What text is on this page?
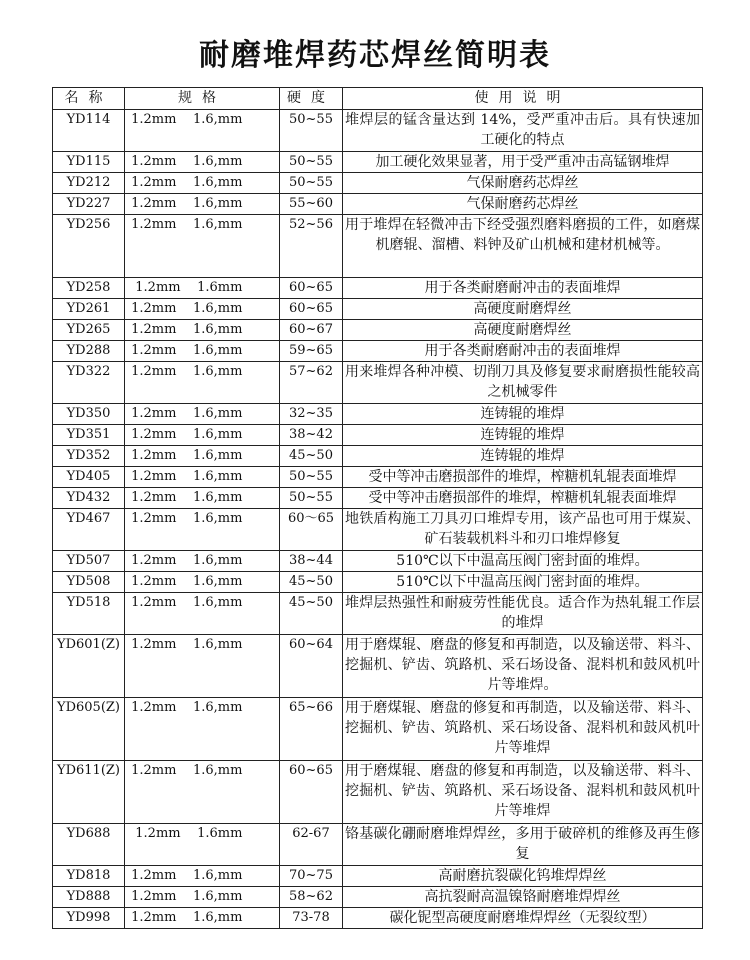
耐磨堆焊药芯焊丝简明表
名称	规格	硬度	使用说明
YD114	1.2mm    1.6,mm	50~55	堆焊层的锰含量达到 14%，受严重冲击后。具有快速加工硬化的特点
YD115	1.2mm    1.6,mm	50~55	加工硬化效果显著，用于受严重冲击高锰钢堆焊
YD212	1.2mm    1.6,mm	50~55	气保耐磨药芯焊丝
YD227	1.2mm    1.6,mm	55~60	气保耐磨药芯焊丝
YD256	1.2mm    1.6,mm	52~56	用于堆焊在轻微冲击下经受强烈磨料磨损的工件，如磨煤机磨辊、溜槽、料钟及矿山机械和建材机械等。
YD258	1.2mm    1.6mm	60~65	用于各类耐磨耐冲击的表面堆焊
YD261	1.2mm    1.6,mm	60~65	高硬度耐磨焊丝
YD265	1.2mm    1.6,mm	60~67	高硬度耐磨焊丝
YD288	1.2mm    1.6,mm	59~65	用于各类耐磨耐冲击的表面堆焊
YD322	1.2mm    1.6,mm	57~62	用来堆焊各种冲模、切削刀具及修复要求耐磨损性能较高之机械零件
YD350	1.2mm    1.6,mm	32~35	连铸辊的堆焊
YD351	1.2mm    1.6,mm	38~42	连铸辊的堆焊
YD352	1.2mm    1.6,mm	45~50	连铸辊的堆焊
YD405	1.2mm    1.6,mm	50~55	受中等冲击磨损部件的堆焊，榨糖机轧辊表面堆焊
YD432	1.2mm    1.6,mm	50~55	受中等冲击磨损部件的堆焊，榨糖机轧辊表面堆焊
YD467	1.2mm    1.6,mm	60～65	地铁盾构施工刀具刃口堆焊专用，该产品也可用于煤炭、矿石装载机料斗和刃口堆焊修复
YD507	1.2mm    1.6,mm	38~44	510℃以下中温高压阀门密封面的堆焊。
YD508	1.2mm    1.6,mm	45~50	510℃以下中温高压阀门密封面的堆焊。
YD518	1.2mm    1.6,mm	45~50	堆焊层热强性和耐疲劳性能优良。适合作为热轧辊工作层的堆焊
YD601(Z)	1.2mm    1.6,mm	60~64	用于磨煤辊、磨盘的修复和再制造，以及输送带、料斗、挖掘机、铲齿、筑路机、采石场设备、混料机和鼓风机叶片等堆焊。
YD605(Z)	1.2mm    1.6,mm	65~66	用于磨煤辊、磨盘的修复和再制造，以及输送带、料斗、挖掘机、铲齿、筑路机、采石场设备、混料机和鼓风机叶片等堆焊
YD611(Z)	1.2mm    1.6,mm	60~65	用于磨煤辊、磨盘的修复和再制造，以及输送带、料斗、挖掘机、铲齿、筑路机、采石场设备、混料机和鼓风机叶片等堆焊
YD688	1.2mm    1.6mm	62-67	铬基碳化硼耐磨堆焊焊丝，多用于破碎机的维修及再生修复
YD818	1.2mm    1.6,mm	70~75	高耐磨抗裂碳化钨堆焊焊丝
YD888	1.2mm    1.6,mm	58~62	高抗裂耐高温镍铬耐磨堆焊焊丝
YD998	1.2mm    1.6,mm	73-78	碳化铌型高硬度耐磨堆焊焊丝（无裂纹型）
